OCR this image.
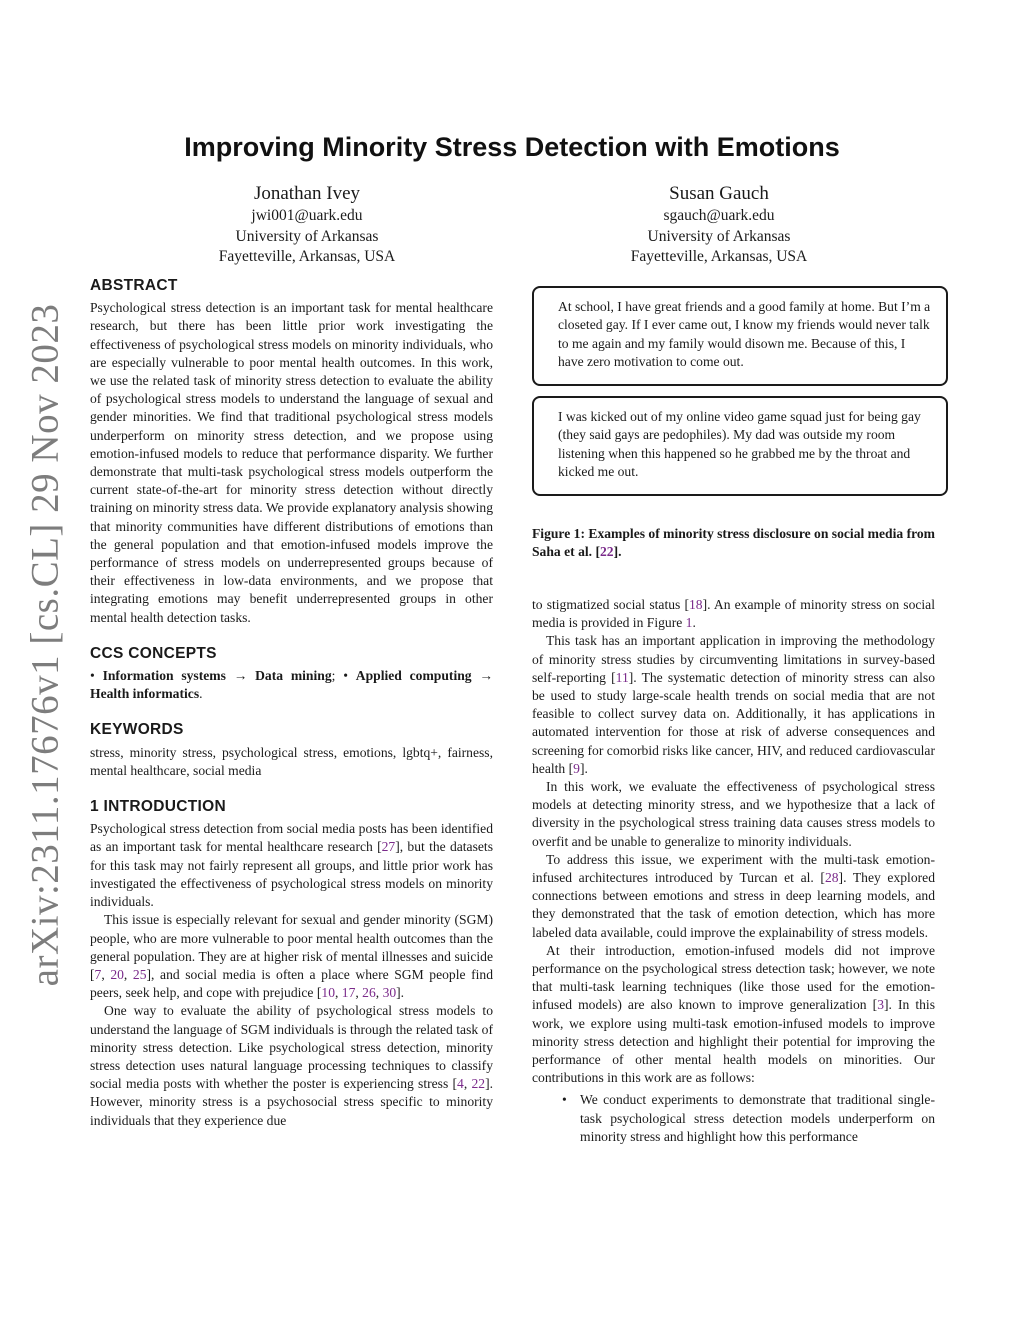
arXiv:2311.17676v1 [cs.CL] 29 Nov 2023
Improving Minority Stress Detection with Emotions
Jonathan Ivey
jwi001@uark.edu
University of Arkansas
Fayetteville, Arkansas, USA
Susan Gauch
sgauch@uark.edu
University of Arkansas
Fayetteville, Arkansas, USA
ABSTRACT

Psychological stress detection is an important task for mental healthcare research, but there has been little prior work investigating the effectiveness of psychological stress models on minority individuals, who are especially vulnerable to poor mental health outcomes. In this work, we use the related task of minority stress detection to evaluate the ability of psychological stress models to understand the language of sexual and gender minorities. We find that traditional psychological stress models underperform on minority stress detection, and we propose using emotion-infused models to reduce that performance disparity. We further demonstrate that multi-task psychological stress models outperform the current state-of-the-art for minority stress detection without directly training on minority stress data. We provide explanatory analysis showing that minority communities have different distributions of emotions than the general population and that emotion-infused models improve the performance of stress models on underrepresented groups because of their effectiveness in low-data environments, and we propose that integrating emotions may benefit underrepresented groups in other mental health detection tasks.

CCS CONCEPTS

• Information systems → Data mining; • Applied computing → Health informatics.

KEYWORDS

stress, minority stress, psychological stress, emotions, lgbtq+, fairness, mental healthcare, social media

1 INTRODUCTION

Psychological stress detection from social media posts has been identified as an important task for mental healthcare research [27], but the datasets for this task may not fairly represent all groups, and little prior work has investigated the effectiveness of psychological stress models on minority individuals.

This issue is especially relevant for sexual and gender minority (SGM) people, who are more vulnerable to poor mental health outcomes than the general population. They are at higher risk of mental illnesses and suicide [7, 20, 25], and social media is often a place where SGM people find peers, seek help, and cope with prejudice [10, 17, 26, 30].

One way to evaluate the ability of psychological stress models to understand the language of SGM individuals is through the related task of minority stress detection. Like psychological stress detection, minority stress detection uses natural language processing techniques to classify social media posts with whether the poster is experiencing stress [4, 22]. However, minority stress is a psychosocial stress specific to minority individuals that they experience due

At school, I have great friends and a good family at home. But I’m a closeted gay. If I ever came out, I know my friends would never talk to me again and my family would disown me. Because of this, I have zero motivation to come out.
I was kicked out of my online video game squad just for being gay (they said gays are pedophiles). My dad was outside my room listening when this happened so he grabbed me by the throat and kicked me out.
Figure 1: Examples of minority stress disclosure on social media from Saha et al. [22].

to stigmatized social status [18]. An example of minority stress on social media is provided in Figure 1.

This task has an important application in improving the methodology of minority stress studies by circumventing limitations in survey-based self-reporting [11]. The systematic detection of minority stress can also be used to study large-scale health trends on social media that are not feasible to collect survey data on. Additionally, it has applications in automated intervention for those at risk of adverse consequences and screening for comorbid risks like cancer, HIV, and reduced cardiovascular health [9].

In this work, we evaluate the effectiveness of psychological stress models at detecting minority stress, and we hypothesize that a lack of diversity in the psychological stress training data causes stress models to overfit and be unable to generalize to minority individuals.

To address this issue, we experiment with the multi-task emotion-infused architectures introduced by Turcan et al. [28]. They explored connections between emotions and stress in deep learning models, and they demonstrated that the task of emotion detection, which has more labeled data available, could improve the explainability of stress models.

At their introduction, emotion-infused models did not improve performance on the psychological stress detection task; however, we note that multi-task learning techniques (like those used for the emotion-infused models) are also known to improve generalization [3]. In this work, we explore using multi-task emotion-infused models to improve minority stress detection and highlight their potential for improving the performance of other mental health models on minorities. Our contributions in this work are as follows:

• We conduct experiments to demonstrate that traditional single-task psychological stress detection models underperform on minority stress and highlight how this performance
